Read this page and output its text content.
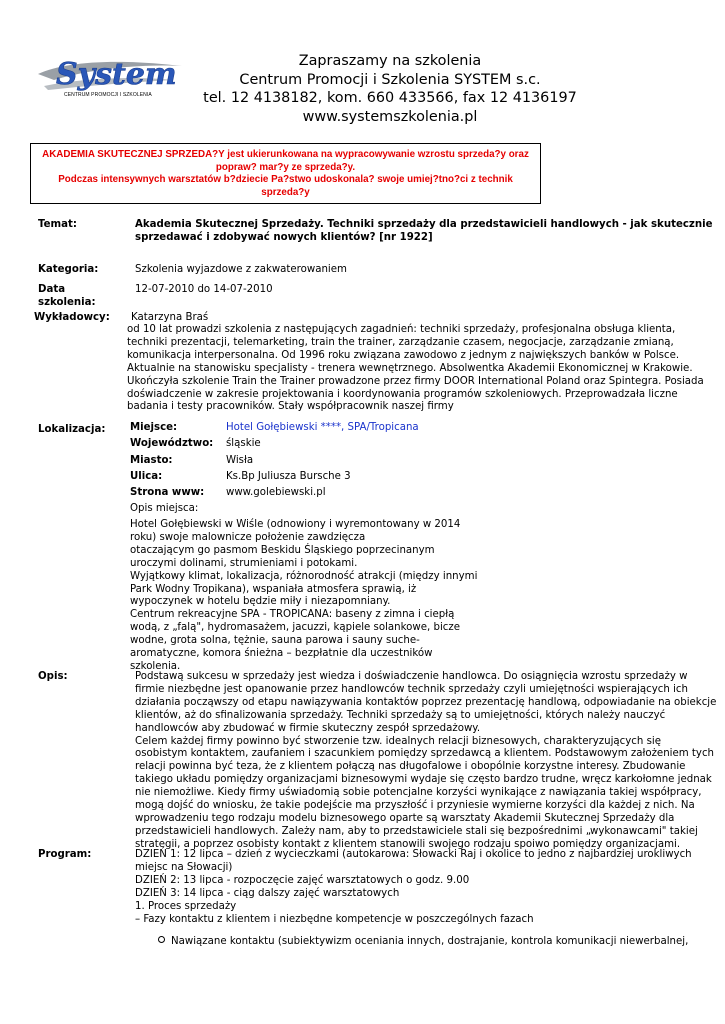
System
CENTRUM PROMOCJI I SZKOLENIA
Zapraszamy na szkolenia
Centrum Promocji i Szkolenia SYSTEM s.c.
tel. 12 4138182, kom. 660 433566, fax 12 4136197
www.systemszkolenia.pl
AKADEMIA SKUTECZNEJ SPRZEDA?Y jest ukierunkowana na wypracowywanie wzrostu sprzeda?y oraz
popraw? mar?y ze sprzeda?y.
Podczas intensywnych warsztatów b?dziecie Pa?stwo udoskonala? swoje umiej?tno?ci z technik
sprzeda?y
Temat:	Akademia Skutecznej Sprzedaży. Techniki sprzedaży dla przedstawicieli handlowych - jak skutecznie
sprzedawać i zdobywać nowych klientów? [nr 1922]
Kategoria:	Szkolenia wyjazdowe z zakwaterowaniem
Data
szkolenia:
12-07-2010 do 14-07-2010
Wykładowcy: Katarzyna Braś
od 10 lat prowadzi szkolenia z następujących zagadnień: techniki sprzedaży, profesjonalna obsługa klienta,
techniki prezentacji, telemarketing, train the trainer, zarządzanie czasem, negocjacje, zarządzanie zmianą,
komunikacja interpersonalna. Od 1996 roku związana zawodowo z jednym z największych banków w Polsce.
Aktualnie na stanowisku specjalisty - trenera wewnętrznego. Absolwentka Akademii Ekonomicznej w Krakowie.
Ukończyła szkolenie Train the Trainer prowadzone przez firmy DOOR International Poland oraz Spintegra. Posiada
doświadczenie w zakresie projektowania i koordynowania programów szkoleniowych. Przeprowadzała liczne
badania i testy pracowników. Stały współpracownik naszej firmy
Lokalizacja: Miejsce:	Hotel Gołębiewski ****, SPA/Tropicana
Województwo: śląskie
Miasto:	Wisła
Ulica:	Ks.Bp Juliusza Bursche 3
Strona www: www.golebiewski.pl
Opis miejsca:
Hotel Gołębiewski w Wiśle (odnowiony i wyremontowany w 2014
roku) swoje malownicze położenie zawdzięcza
otaczającym go pasmom Beskidu Śląskiego poprzecinanym
uroczymi dolinami, strumieniami i potokami.
Wyjątkowy klimat, lokalizacja, różnorodność atrakcji (między innymi
Park Wodny Tropikana), wspaniała atmosfera sprawią, iż
wypoczynek w hotelu będzie miły i niezapomniany.
Centrum rekreacyjne SPA - TROPICANA: baseny z zimna i ciepłą
wodą, z „falą", hydromasażem, jacuzzi, kąpiele solankowe, bicze
wodne, grota solna, tężnie, sauna parowa i sauny suche-
aromatyczne, komora śnieżna – bezpłatnie dla uczestników
szkolenia.
Opis:	Podstawą sukcesu w sprzedaży jest wiedza i doświadczenie handlowca. Do osiągnięcia wzrostu sprzedaży w
firmie niezbędne jest opanowanie przez handlowców technik sprzedaży czyli umiejętności wspierających ich
działania począwszy od etapu nawiązywania kontaktów poprzez prezentację handlową, odpowiadanie na obiekcje
klientów, aż do sfinalizowania sprzedaży. Techniki sprzedaży są to umiejętności, których należy nauczyć
handlowców aby zbudować w firmie skuteczny zespół sprzedażowy.
Celem każdej firmy powinno być stworzenie tzw. idealnych relacji biznesowych, charakteryzujących się
osobistym kontaktem, zaufaniem i szacunkiem pomiędzy sprzedawcą a klientem. Podstawowym założeniem tych
relacji powinna być teza, że z klientem połączą nas długofalowe i obopólnie korzystne interesy. Zbudowanie
takiego układu pomiędzy organizacjami biznesowymi wydaje się często bardzo trudne, wręcz karkołomne jednak
nie niemożliwe. Kiedy firmy uświadomią sobie potencjalne korzyści wynikające z nawiązania takiej współpracy,
mogą dojść do wniosku, że takie podejście ma przyszłość i przyniesie wymierne korzyści dla każdej z nich. Na
wprowadzeniu tego rodzaju modelu biznesowego oparte są warsztaty Akademii Skutecznej Sprzedaży dla
przedstawicieli handlowych. Zależy nam, aby to przedstawiciele stali się bezpośrednimi „wykonawcami" takiej
strategii, a poprzez osobisty kontakt z klientem stanowili swojego rodzaju spoiwo pomiędzy organizacjami.
Program:	DZIEŃ 1: 12 lipca – dzień z wycieczkami (autokarowa: Słowacki Raj i okolice to jedno z najbardziej urokliwych
miejsc na Słowacji)
DZIEŃ 2: 13 lipca - rozpoczęcie zajęć warsztatowych o godz. 9.00
DZIEŃ 3: 14 lipca - ciąg dalszy zajęć warsztatowych
1. Proces sprzedaży
– Fazy kontaktu z klientem i niezbędne kompetencje w poszczególnych fazach
Nawiązane kontaktu (subiektywizm oceniania innych, dostrajanie, kontrola komunikacji niewerbalnej,
